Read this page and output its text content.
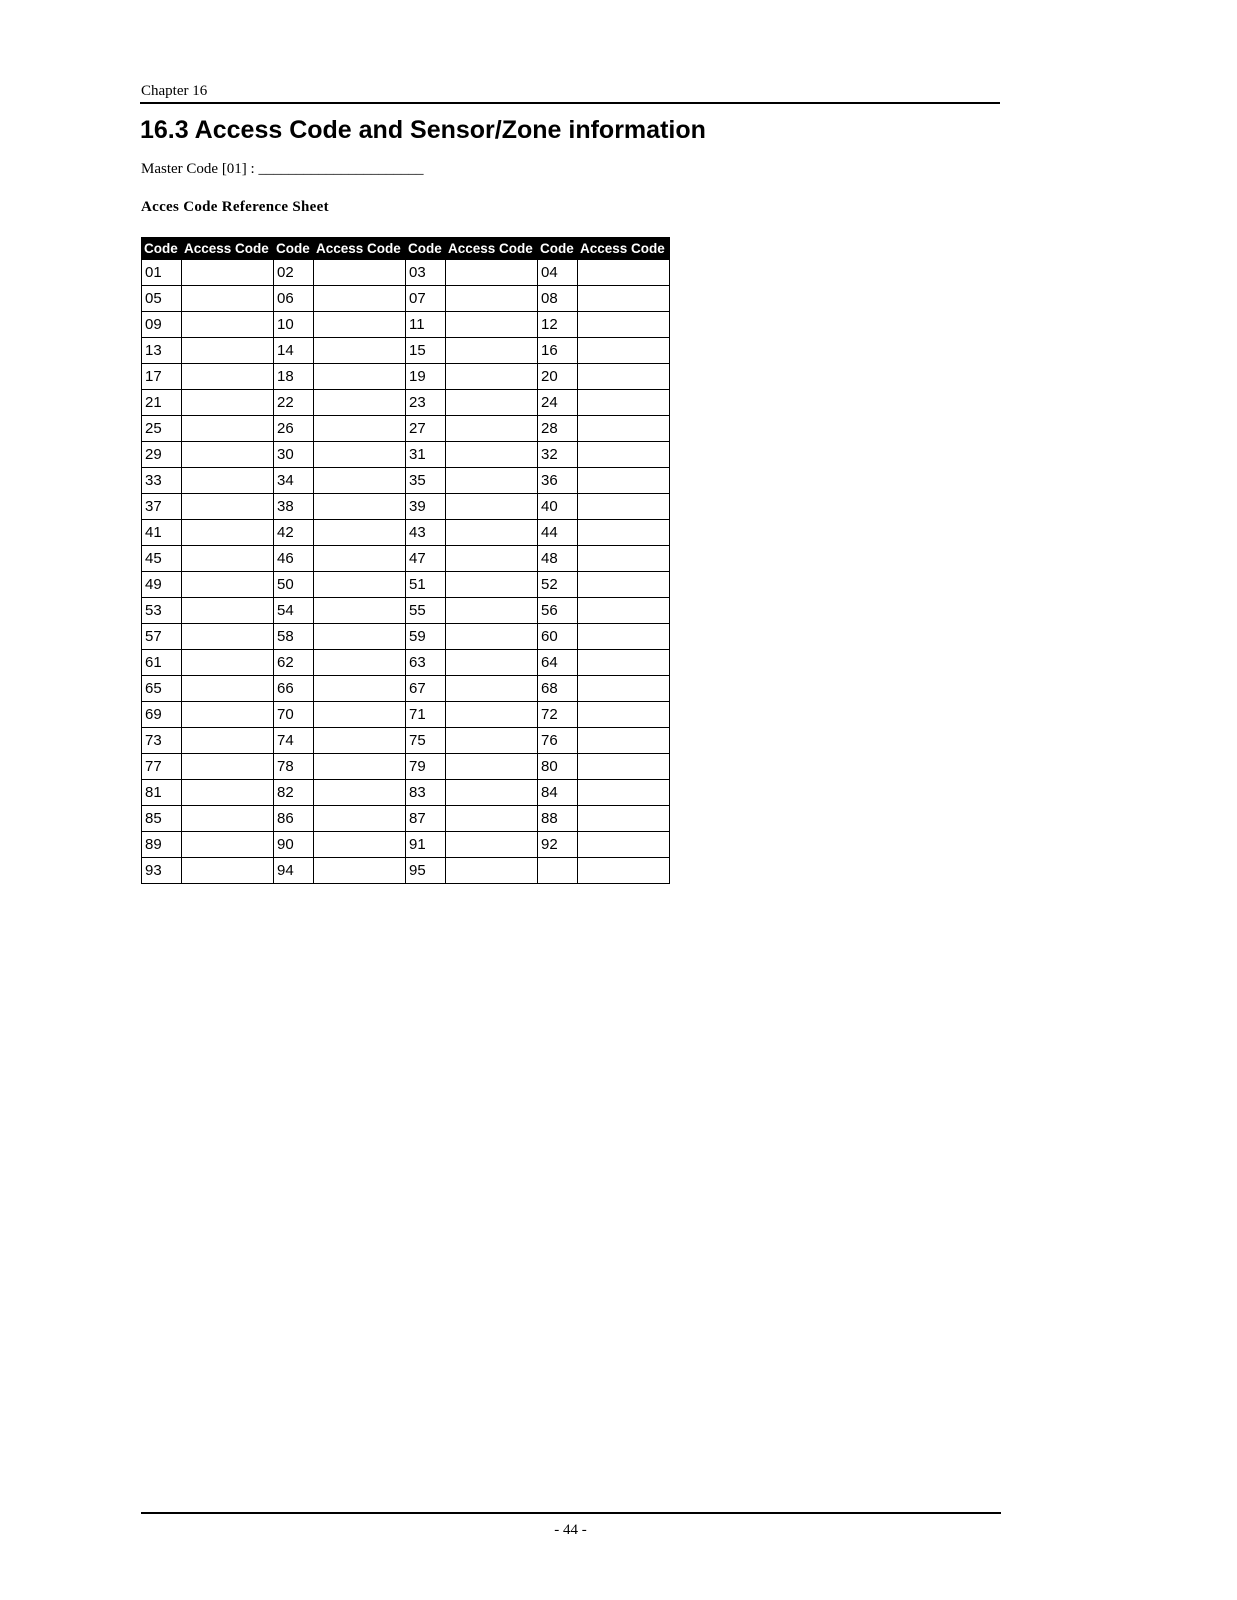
Chapter 16
16.3 Access Code and Sensor/Zone information
Master Code [01] : ______________________
Acces Code Reference Sheet
Code	Access Code	Code	Access Code	Code	Access Code	Code	Access Code
01		02		03		04	
05		06		07		08	
09		10		11		12	
13		14		15		16	
17		18		19		20	
21		22		23		24	
25		26		27		28	
29		30		31		32	
33		34		35		36	
37		38		39		40	
41		42		43		44	
45		46		47		48	
49		50		51		52	
53		54		55		56	
57		58		59		60	
61		62		63		64	
65		66		67		68	
69		70		71		72	
73		74		75		76	
77		78		79		80	
81		82		83		84	
85		86		87		88	
89		90		91		92	
93		94		95			
- 44 -
